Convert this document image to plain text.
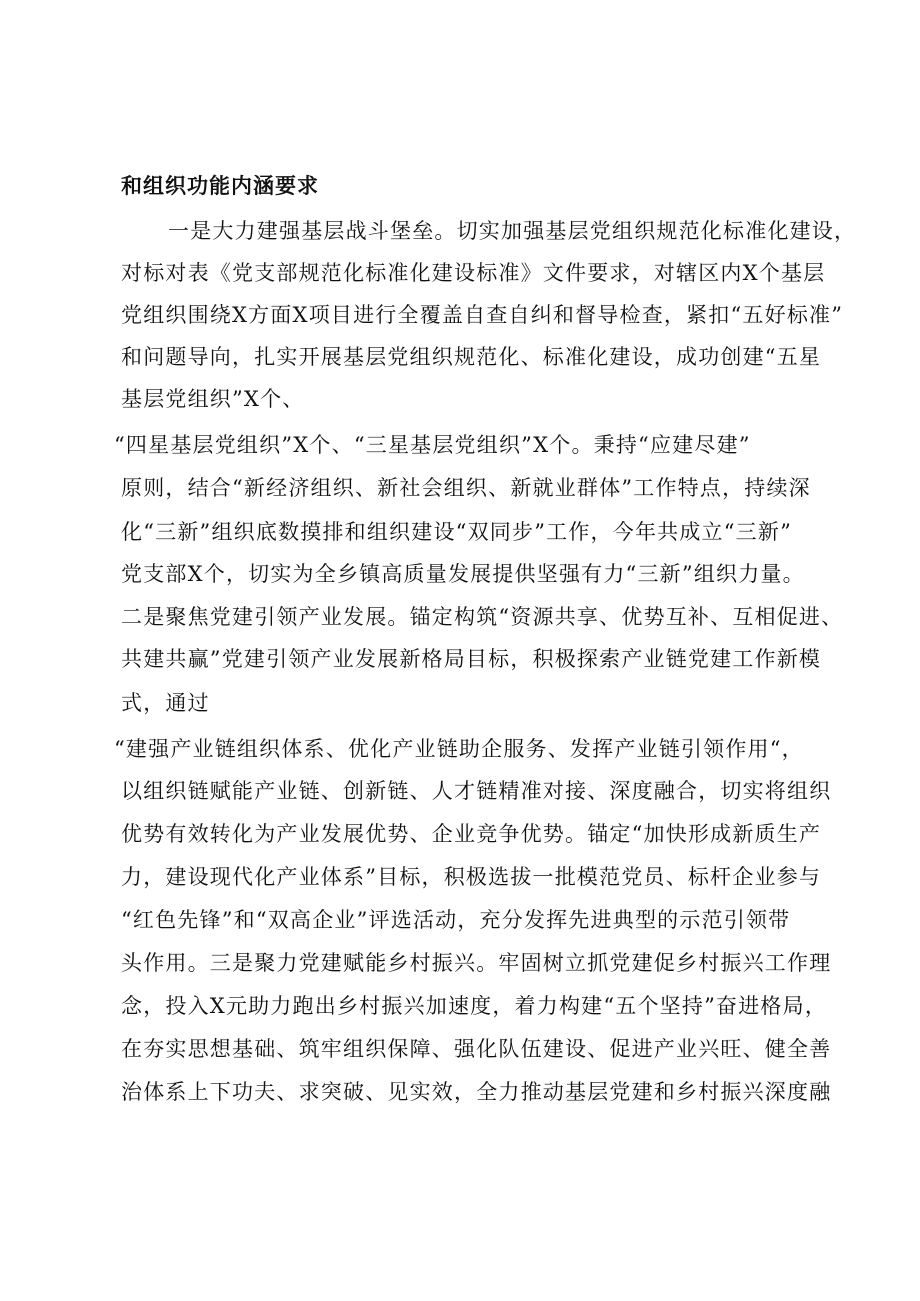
和组织功能内涵要求
一是大力建强基层战斗堡垒。切实加强基层党组织规范化标准化建设，
对标对表《党支部规范化标准化建设标准》文件要求，对辖区内X个基层
党组织围绕X方面X项目进行全覆盖自查自纠和督导检查，紧扣“五好标准”
和问题导向，扎实开展基层党组织规范化、标准化建设，成功创建“五星
基层党组织”X个、
“四星基层党组织”X个、“三星基层党组织”X个。秉持“应建尽建”
原则，结合“新经济组织、新社会组织、新就业群体”工作特点，持续深
化“三新”组织底数摸排和组织建设“双同步”工作，今年共成立“三新”
党支部X个，切实为全乡镇高质量发展提供坚强有力“三新”组织力量。
二是聚焦党建引领产业发展。锚定构筑“资源共享、优势互补、互相促进、
共建共赢”党建引领产业发展新格局目标，积极探索产业链党建工作新模
式，通过
“建强产业链组织体系、优化产业链助企服务、发挥产业链引领作用“，
以组织链赋能产业链、创新链、人才链精准对接、深度融合，切实将组织
优势有效转化为产业发展优势、企业竞争优势。锚定“加快形成新质生产
力，建设现代化产业体系”目标，积极选拔一批模范党员、标杆企业参与
“红色先锋”和“双高企业”评选活动，充分发挥先进典型的示范引领带
头作用。三是聚力党建赋能乡村振兴。牢固树立抓党建促乡村振兴工作理
念，投入X元助力跑出乡村振兴加速度，着力构建“五个坚持”奋进格局，
在夯实思想基础、筑牢组织保障、强化队伍建设、促进产业兴旺、健全善
治体系上下功夫、求突破、见实效，全力推动基层党建和乡村振兴深度融
